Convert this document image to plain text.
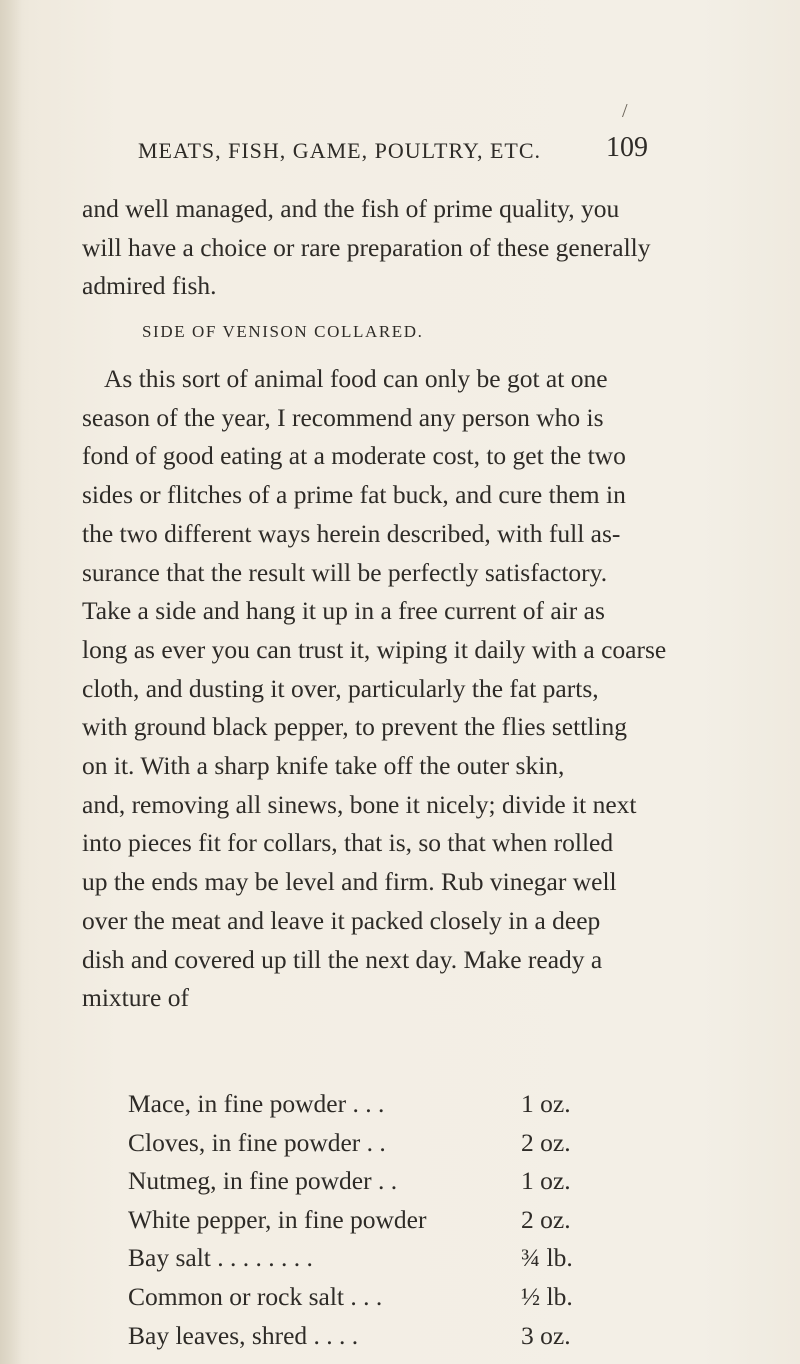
/
MEATS, FISH, GAME, POULTRY, ETC.	109
and well managed, and the fish of prime quality, you
will have a choice or rare preparation of these generally
admired fish.
SIDE OF VENISON COLLARED.
As this sort of animal food can only be got at one
season of the year, I recommend any person who is
fond of good eating at a moderate cost, to get the two
sides or flitches of a prime fat buck, and cure them in
the two different ways herein described, with full as-
surance that the result will be perfectly satisfactory.
Take a side and hang it up in a free current of air as
long as ever you can trust it, wiping it daily with a coarse
cloth, and dusting it over, particularly the fat parts,
with ground black pepper, to prevent the flies settling
on it. With a sharp knife take off the outer skin,
and, removing all sinews, bone it nicely; divide it next
into pieces fit for collars, that is, so that when rolled
up the ends may be level and firm. Rub vinegar well
over the meat and leave it packed closely in a deep
dish and covered up till the next day. Make ready a
mixture of
Mace, in fine powder . . .	1 oz.
Cloves, in fine powder . .	2 oz.
Nutmeg, in fine powder . .	1 oz.
White pepper, in fine powder	2 oz.
Bay salt . . . . . . . .	¾ lb.
Common or rock salt . . .	½ lb.
Bay leaves, shred . . . .	3 oz.
